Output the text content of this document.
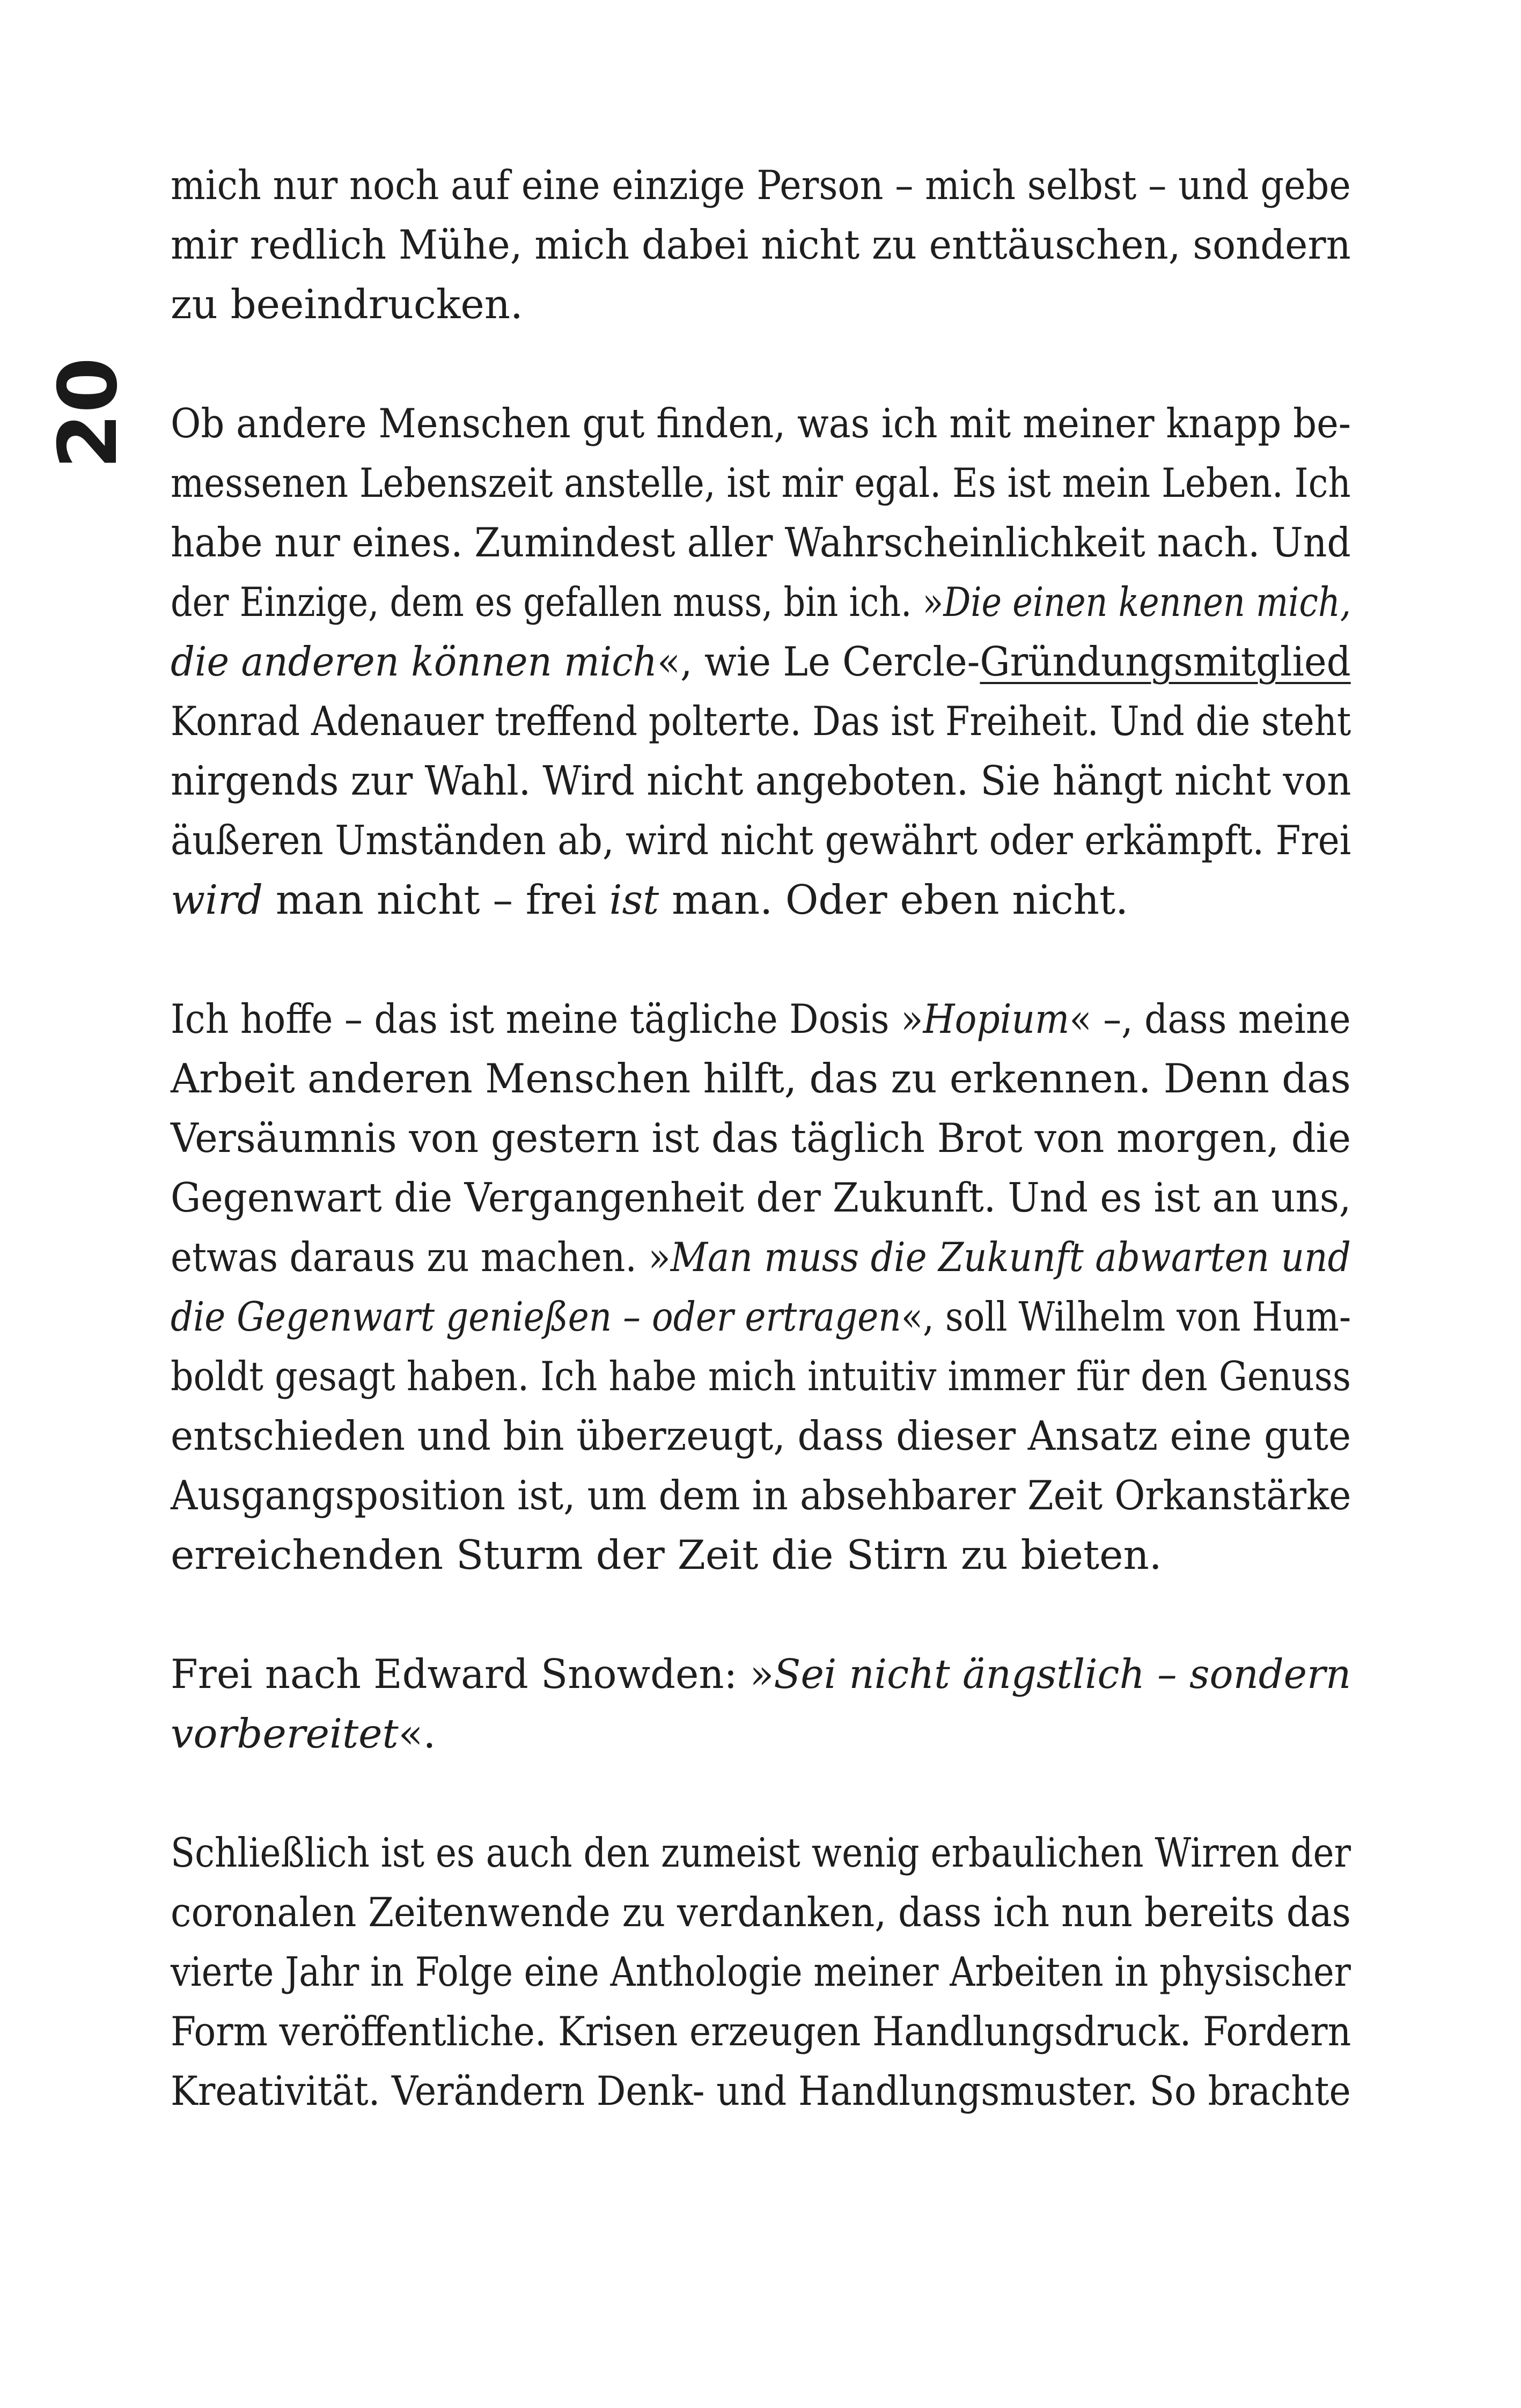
20
mich nur noch auf eine einzige Person – mich selbst – und gebe
mir redlich Mühe, mich dabei nicht zu enttäuschen, sondern
zu beeindrucken.
Ob andere Menschen gut finden, was ich mit meiner knapp be-
messenen Lebenszeit anstelle, ist mir egal. Es ist mein Leben. Ich
habe nur eines. Zumindest aller Wahrscheinlichkeit nach. Und
der Einzige, dem es gefallen muss, bin ich. »Die einen kennen mich,
die anderen können mich«, wie Le Cercle-Gründungsmitglied
Konrad Adenauer treffend polterte. Das ist Freiheit. Und die steht
nirgends zur Wahl. Wird nicht angeboten. Sie hängt nicht von
äußeren Umständen ab, wird nicht gewährt oder erkämpft. Frei
wird man nicht – frei ist man. Oder eben nicht.
Ich hoffe – das ist meine tägliche Dosis »Hopium« –, dass meine
Arbeit anderen Menschen hilft, das zu erkennen. Denn das
Versäumnis von gestern ist das täglich Brot von morgen, die
Gegenwart die Vergangenheit der Zukunft. Und es ist an uns,
etwas daraus zu machen. »Man muss die Zukunft abwarten und
die Gegenwart genießen – oder ertragen«, soll Wilhelm von Hum-
boldt gesagt haben. Ich habe mich intuitiv immer für den Genuss
entschieden und bin überzeugt, dass dieser Ansatz eine gute
Ausgangsposition ist, um dem in absehbarer Zeit Orkanstärke
erreichenden Sturm der Zeit die Stirn zu bieten.
Frei nach Edward Snowden: »Sei nicht ängstlich – sondern
vorbereitet«.
Schließlich ist es auch den zumeist wenig erbaulichen Wirren der
coronalen Zeitenwende zu verdanken, dass ich nun bereits das
vierte Jahr in Folge eine Anthologie meiner Arbeiten in physischer
Form veröffentliche. Krisen erzeugen Handlungsdruck. Fordern
Kreativität. Verändern Denk- und Handlungsmuster. So brachte
